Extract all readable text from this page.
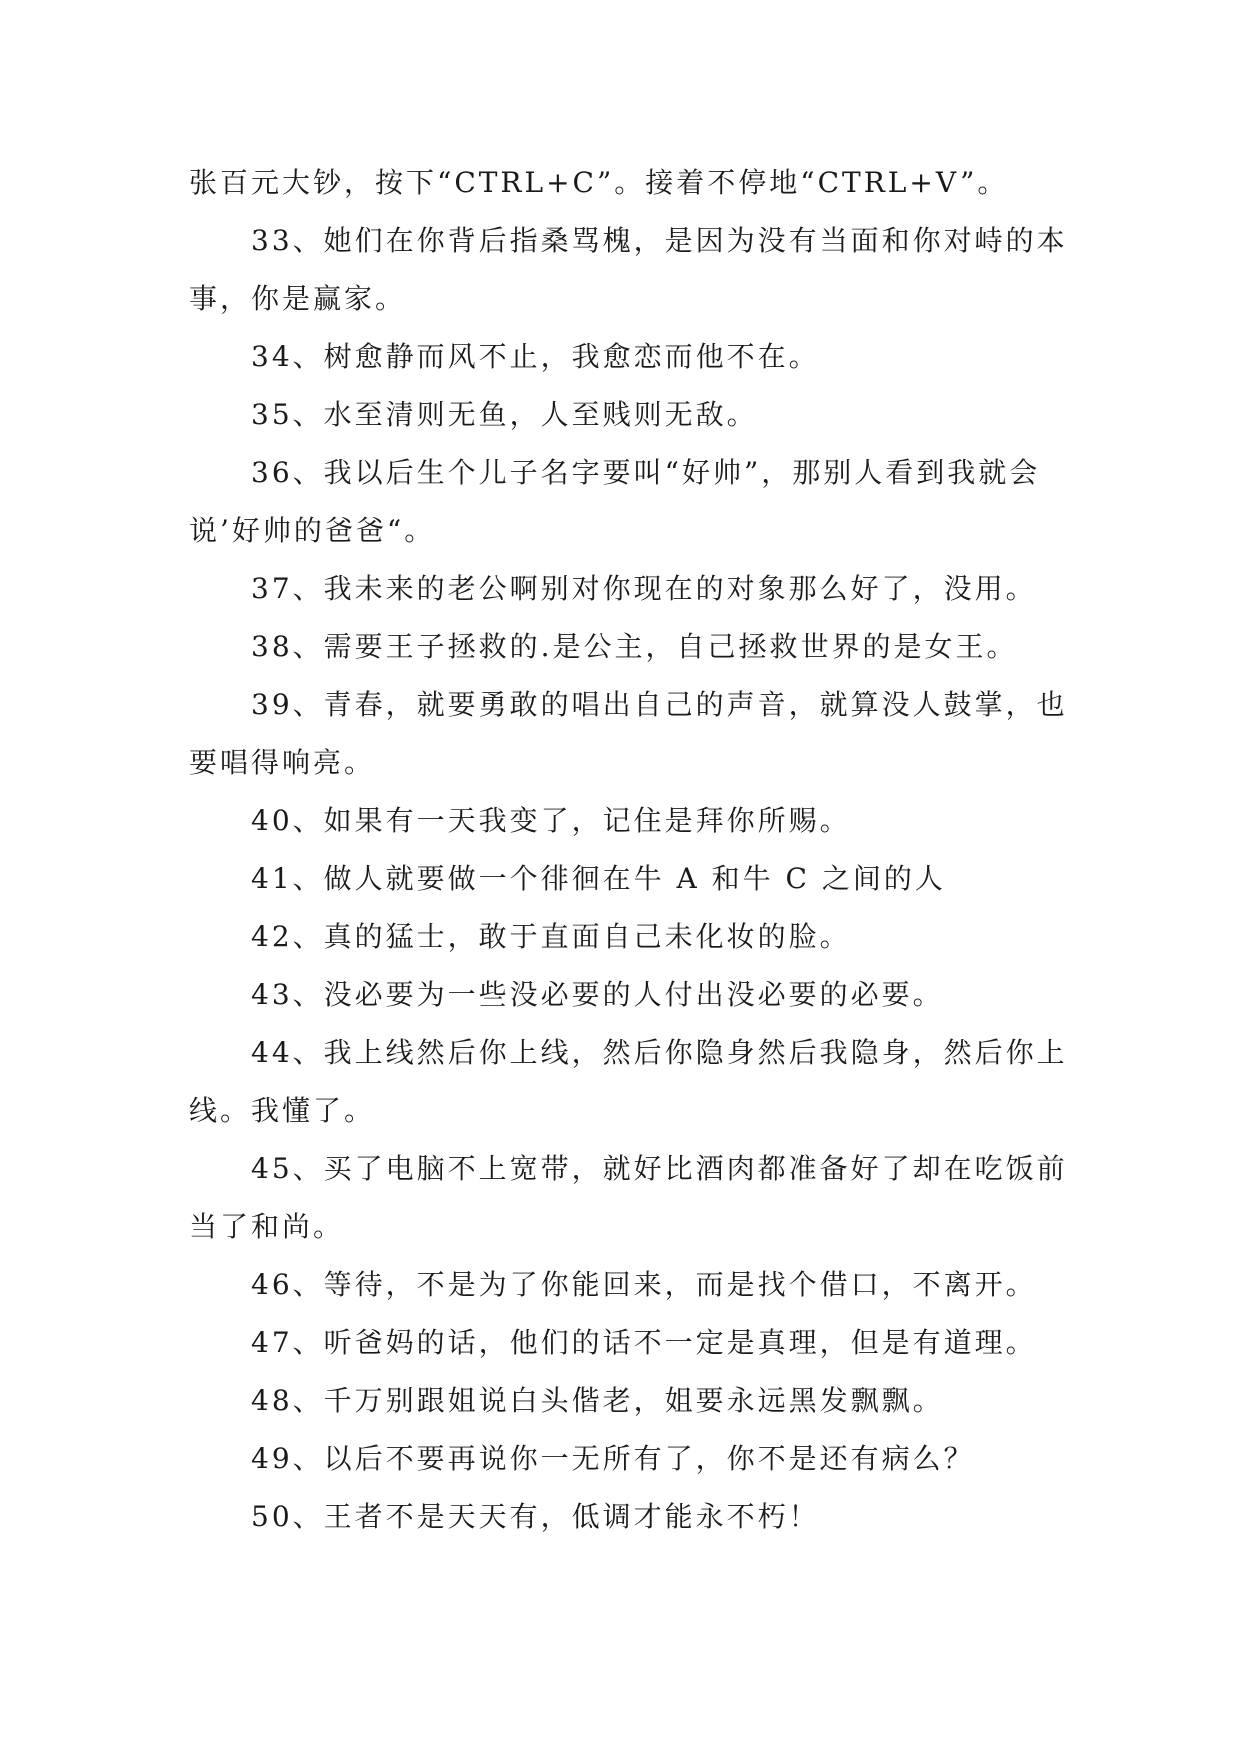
张百元大钞，按下“CTRL+C”。接着不停地“CTRL+V”。

33、她们在你背后指桑骂槐，是因为没有当面和你对峙的本事，你是赢家。

34、树愈静而风不止，我愈恋而他不在。

35、水至清则无鱼，人至贱则无敌。

36、我以后生个儿子名字要叫“好帅”，那别人看到我就会说’好帅的爸爸“。

37、我未来的老公啊别对你现在的对象那么好了，没用。

38、需要王子拯救的.是公主，自己拯救世界的是女王。

39、青春，就要勇敢的唱出自己的声音，就算没人鼓掌，也要唱得响亮。

40、如果有一天我变了，记住是拜你所赐。

41、做人就要做一个徘徊在牛 A 和牛 C 之间的人

42、真的猛士，敢于直面自己未化妆的脸。

43、没必要为一些没必要的人付出没必要的必要。

44、我上线然后你上线，然后你隐身然后我隐身，然后你上线。我懂了。

45、买了电脑不上宽带，就好比酒肉都准备好了却在吃饭前当了和尚。

46、等待，不是为了你能回来，而是找个借口，不离开。

47、听爸妈的话，他们的话不一定是真理，但是有道理。

48、千万别跟姐说白头偕老，姐要永远黑发飘飘。

49、以后不要再说你一无所有了，你不是还有病么？

50、王者不是天天有，低调才能永不朽！
